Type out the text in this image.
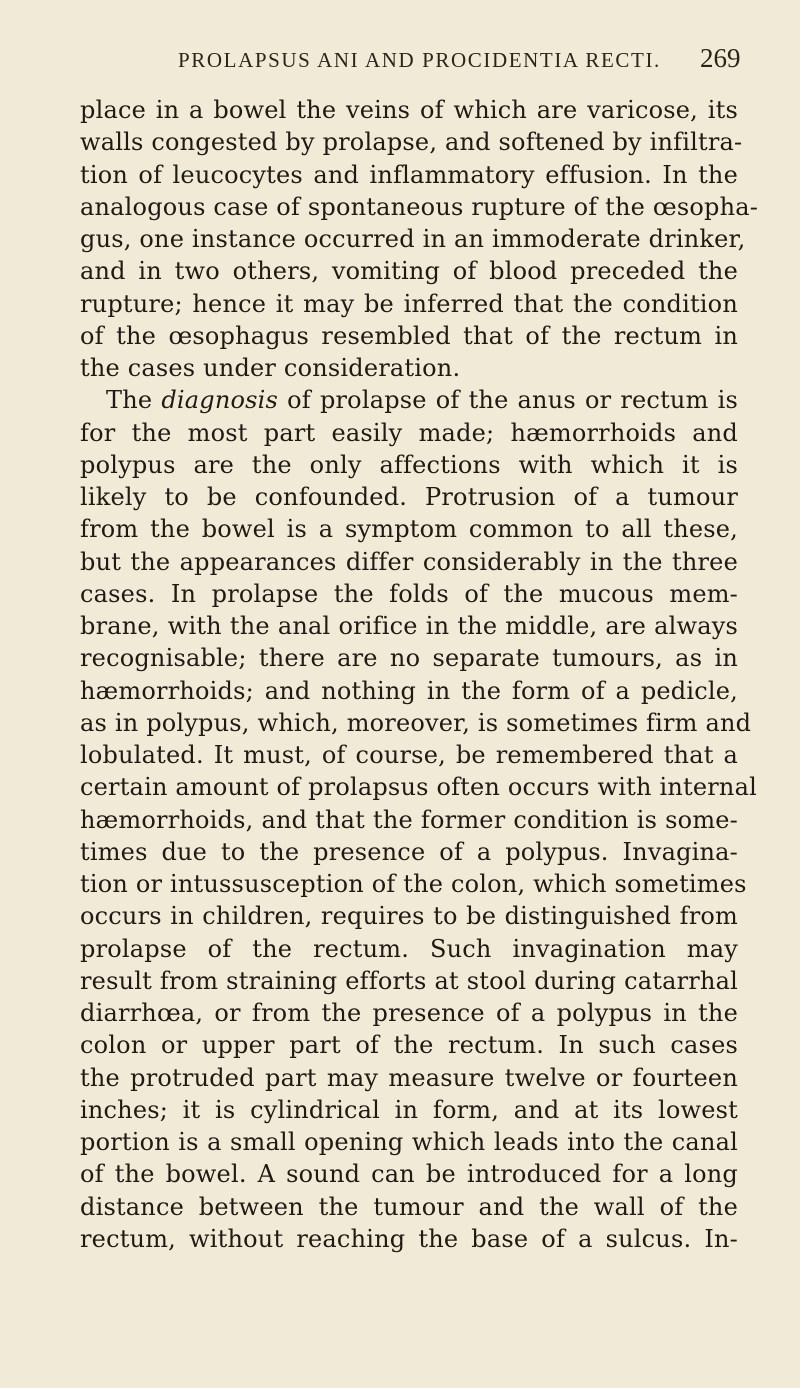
PROLAPSUS ANI AND PROCIDENTIA RECTI. 269
place in a bowel the veins of which are varicose, its
walls congested by prolapse, and softened by infiltra-
tion of leucocytes and inflammatory effusion. In the
analogous case of spontaneous rupture of the œsopha-
gus, one instance occurred in an immoderate drinker,
and in two others, vomiting of blood preceded the
rupture; hence it may be inferred that the condition
of the œsophagus resembled that of the rectum in
the cases under consideration.
The diagnosis of prolapse of the anus or rectum is
for the most part easily made; hæmorrhoids and
polypus are the only affections with which it is
likely to be confounded. Protrusion of a tumour
from the bowel is a symptom common to all these,
but the appearances differ considerably in the three
cases. In prolapse the folds of the mucous mem-
brane, with the anal orifice in the middle, are always
recognisable; there are no separate tumours, as in
hæmorrhoids; and nothing in the form of a pedicle,
as in polypus, which, moreover, is sometimes firm and
lobulated. It must, of course, be remembered that a
certain amount of prolapsus often occurs with internal
hæmorrhoids, and that the former condition is some-
times due to the presence of a polypus. Invagina-
tion or intussusception of the colon, which sometimes
occurs in children, requires to be distinguished from
prolapse of the rectum. Such invagination may
result from straining efforts at stool during catarrhal
diarrhœa, or from the presence of a polypus in the
colon or upper part of the rectum. In such cases
the protruded part may measure twelve or fourteen
inches; it is cylindrical in form, and at its lowest
portion is a small opening which leads into the canal
of the bowel. A sound can be introduced for a long
distance between the tumour and the wall of the
rectum, without reaching the base of a sulcus. In-
